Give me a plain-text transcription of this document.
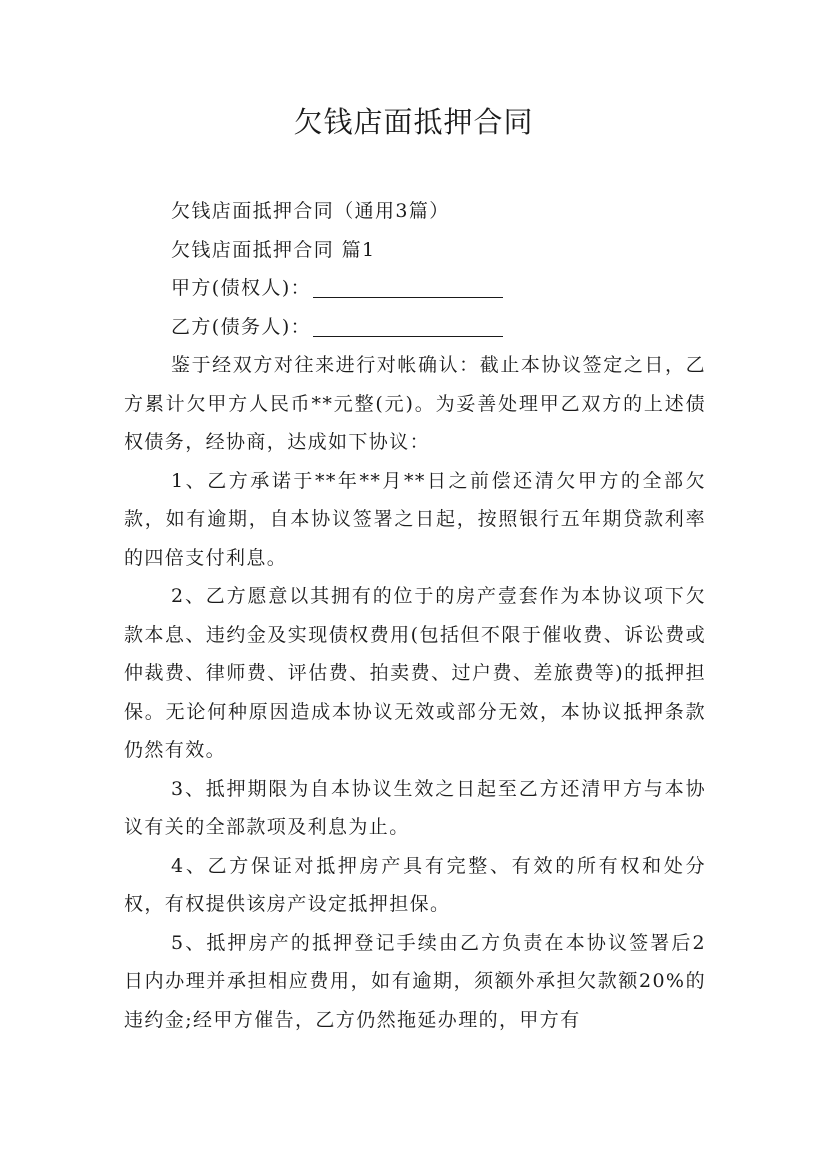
欠钱店面抵押合同

欠钱店面抵押合同（通用3篇）

欠钱店面抵押合同 篇1

甲方(债权人)：

乙方(债务人)：

鉴于经双方对往来进行对帐确认：截止本协议签定之日，乙方累计欠甲方人民币**元整(元)。为妥善处理甲乙双方的上述债权债务，经协商，达成如下协议：

1、乙方承诺于**年**月**日之前偿还清欠甲方的全部欠款，如有逾期，自本协议签署之日起，按照银行五年期贷款利率的四倍支付利息。

2、乙方愿意以其拥有的位于的房产壹套作为本协议项下欠款本息、违约金及实现债权费用(包括但不限于催收费、诉讼费或仲裁费、律师费、评估费、拍卖费、过户费、差旅费等)的抵押担保。无论何种原因造成本协议无效或部分无效，本协议抵押条款仍然有效。

3、抵押期限为自本协议生效之日起至乙方还清甲方与本协议有关的全部款项及利息为止。

4、乙方保证对抵押房产具有完整、有效的所有权和处分权，有权提供该房产设定抵押担保。

5、抵押房产的抵押登记手续由乙方负责在本协议签署后2日内办理并承担相应费用，如有逾期，须额外承担欠款额20%的违约金;经甲方催告，乙方仍然拖延办理的，甲方有
